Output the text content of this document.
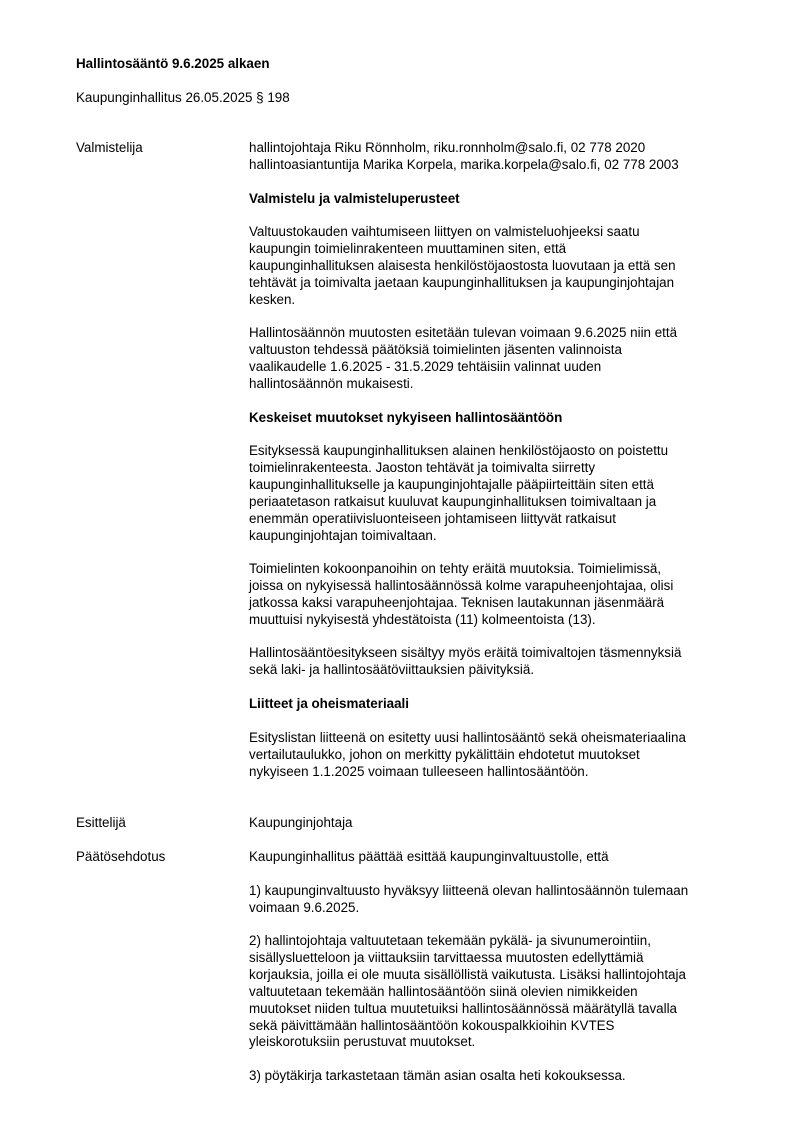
Hallintosääntö 9.6.2025 alkaen
Kaupunginhallitus 26.05.2025 § 198
Valmistelija	hallintojohtaja Riku Rönnholm, riku.ronnholm@salo.fi, 02 778 2020

hallintoasiantuntija Marika Korpela, marika.korpela@salo.fi, 02 778 2003

Valmistelu ja valmisteluperusteet

Valtuustokauden vaihtumiseen liittyen on valmisteluohjeeksi saatu

kaupungin toimielinrakenteen muuttaminen siten, että

kaupunginhallituksen alaisesta henkilöstöjaostosta luovutaan ja että sen

tehtävät ja toimivalta jaetaan kaupunginhallituksen ja kaupunginjohtajan

kesken.

Hallintosäännön muutosten esitetään tulevan voimaan 9.6.2025 niin että

valtuuston tehdessä päätöksiä toimielinten jäsenten valinnoista

vaalikaudelle 1.6.2025 - 31.5.2029 tehtäisiin valinnat uuden

hallintosäännön mukaisesti.

Keskeiset muutokset nykyiseen hallintosääntöön

Esityksessä kaupunginhallituksen alainen henkilöstöjaosto on poistettu

toimielinrakenteesta. Jaoston tehtävät ja toimivalta siirretty

kaupunginhallitukselle ja kaupunginjohtajalle pääpiirteittäin siten että

periaatetason ratkaisut kuuluvat kaupunginhallituksen toimivaltaan ja

enemmän operatiivisluonteiseen johtamiseen liittyvät ratkaisut

kaupunginjohtajan toimivaltaan.

Toimielinten kokoonpanoihin on tehty eräitä muutoksia. Toimielimissä,

joissa on nykyisessä hallintosäännössä kolme varapuheenjohtajaa, olisi

jatkossa kaksi varapuheenjohtajaa. Teknisen lautakunnan jäsenmäärä

muuttuisi nykyisestä yhdestätoista (11) kolmeentoista (13).

Hallintosääntöesitykseen sisältyy myös eräitä toimivaltojen täsmennyksiä

sekä laki- ja hallintosäätöviittauksien päivityksiä.

Liitteet ja oheismateriaali

Esityslistan liitteenä on esitetty uusi hallintosääntö sekä oheismateriaalina

vertailutaulukko, johon on merkitty pykälittäin ehdotetut muutokset

nykyiseen 1.1.2025 voimaan tulleeseen hallintosääntöön.

Esittelijä	Kaupunginjohtaja
Päätösehdotus	Kaupunginhallitus päättää esittää kaupunginvaltuustolle, että

1) kaupunginvaltuusto hyväksyy liitteenä olevan hallintosäännön tulemaan

voimaan 9.6.2025.

2) hallintojohtaja valtuutetaan tekemään pykälä- ja sivunumerointiin,

sisällysluetteloon ja viittauksiin tarvittaessa muutosten edellyttämiä

korjauksia, joilla ei ole muuta sisällöllistä vaikutusta. Lisäksi hallintojohtaja

valtuutetaan tekemään hallintosääntöön siinä olevien nimikkeiden

muutokset niiden tultua muutetuiksi hallintosäännössä määrätyllä tavalla

sekä päivittämään hallintosääntöön kokouspalkkioihin KVTES

yleiskorotuksiin perustuvat muutokset.

3) pöytäkirja tarkastetaan tämän asian osalta heti kokouksessa.
